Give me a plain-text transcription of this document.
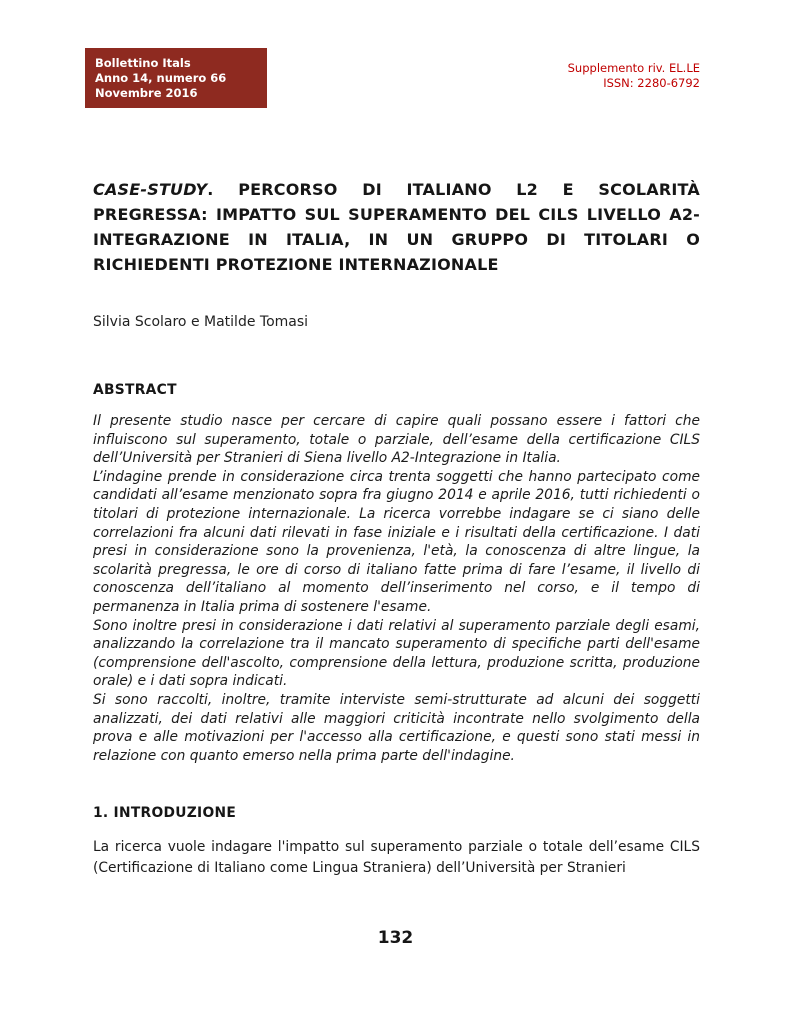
Bollettino Itals
Anno 14, numero 66
Novembre 2016
Supplemento riv. EL.LE
ISSN: 2280-6792
CASE-STUDY. PERCORSO DI ITALIANO L2 E SCOLARITÀ PREGRESSA: IMPATTO SUL SUPERAMENTO DEL CILS LIVELLO A2-INTEGRAZIONE IN ITALIA, IN UN GRUPPO DI TITOLARI O RICHIEDENTI PROTEZIONE INTERNAZIONALE

Silvia Scolaro e Matilde Tomasi

ABSTRACT

Il presente studio nasce per cercare di capire quali possano essere i fattori che influiscono sul superamento, totale o parziale, dell’esame della certificazione CILS dell’Università per Stranieri di Siena livello A2-Integrazione in Italia.

L’indagine prende in considerazione circa trenta soggetti che hanno partecipato come candidati all’esame menzionato sopra fra giugno 2014 e aprile 2016, tutti richiedenti o titolari di protezione internazionale. La ricerca vorrebbe indagare se ci siano delle correlazioni fra alcuni dati rilevati in fase iniziale e i risultati della certificazione. I dati presi in considerazione sono la provenienza, l'età, la conoscenza di altre lingue, la scolarità pregressa, le ore di corso di italiano fatte prima di fare l’esame, il livello di conoscenza dell’italiano al momento dell’inserimento nel corso, e il tempo di permanenza in Italia prima di sostenere l'esame.

Sono inoltre presi in considerazione i dati relativi al superamento parziale degli esami, analizzando la correlazione tra il mancato superamento di specifiche parti dell'esame (comprensione dell'ascolto, comprensione della lettura, produzione scritta, produzione orale) e i dati sopra indicati.

Si sono raccolti, inoltre, tramite interviste semi-strutturate ad alcuni dei soggetti analizzati, dei dati relativi alle maggiori criticità incontrate nello svolgimento della prova e alle motivazioni per l'accesso alla certificazione, e questi sono stati messi in relazione con quanto emerso nella prima parte dell'indagine.

1. INTRODUZIONE

La ricerca vuole indagare l'impatto sul superamento parziale o totale dell’esame CILS (Certificazione di Italiano come Lingua Straniera) dell’Università per Stranieri

132
